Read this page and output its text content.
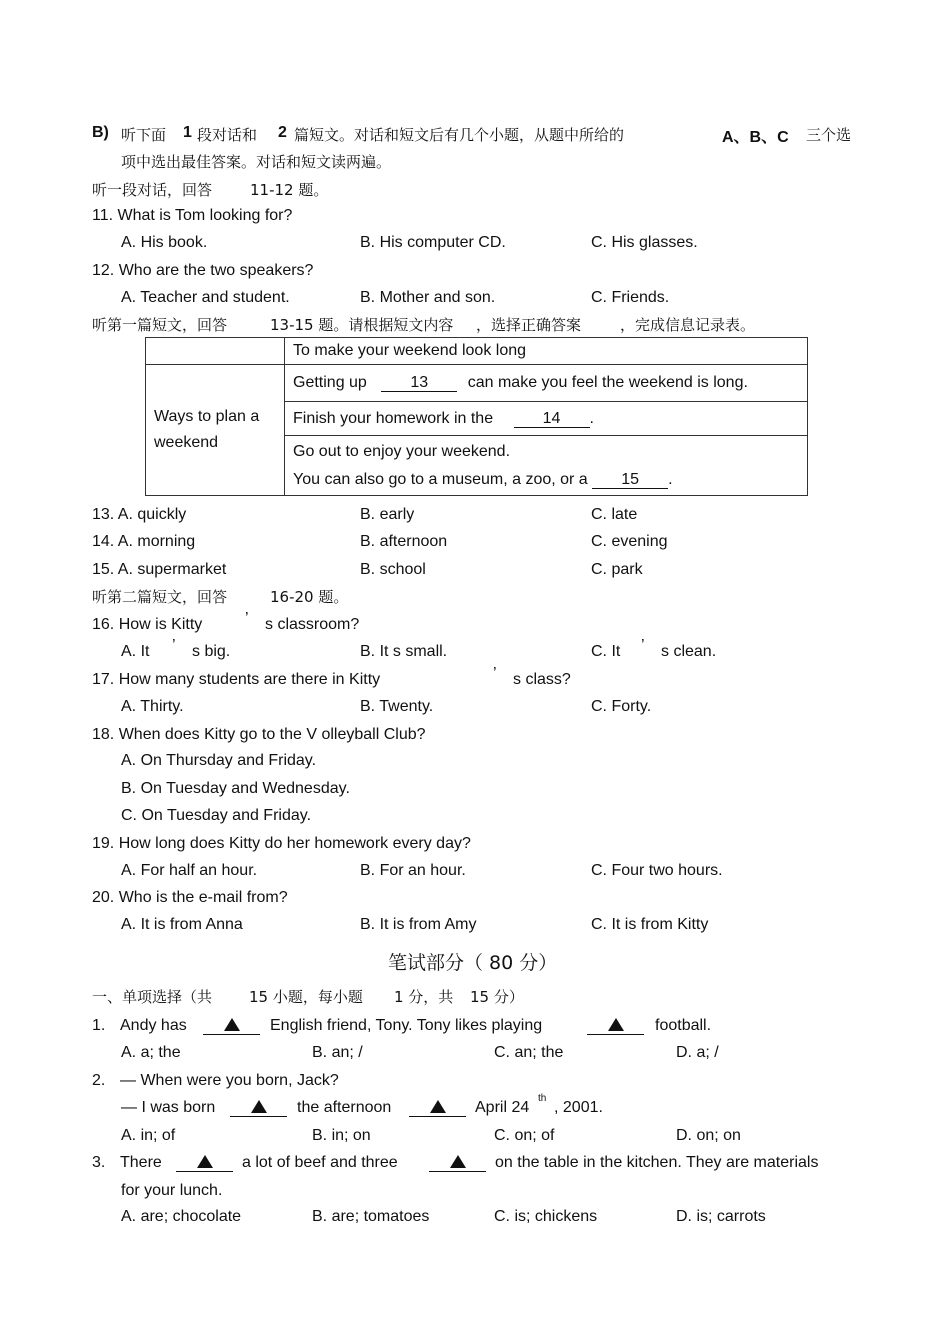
B) 听下面 1 段对话和 2 篇短文。对话和短文后有几个小题，从题中所给的	A、B、C 三个选
项中选出最佳答案。对话和短文读两遍。
听一段对话，回答	11-12 题。
11. What is Tom looking for?
A. His book.	B. His computer CD.	C. His glasses.
12. Who are the two speakers?
A. Teacher and student.	B. Mother and son.	C. Friends.
听第一篇短文，回答	13-15 题。请根据短文内容 ，选择正确答案	，完成信息记录表。
	To make your weekend look long
Ways to plan a weekend	Getting up 13 can make you feel the weekend is long.
	Finish your homework in the 14 .

	Go out to enjoy your weekend.
You can also go to a museum, a zoo, or a 15 .
13. A. quickly	B. early	C. late
14. A. morning	B. afternoon	C. evening
15. A. supermarket	B. school	C. park
听第二篇短文，回答	16-20 题。
16. How is Kitty	’ s classroom?
A. It ’ s big.	B. It s small.	C. It ’ s clean.
17. How many students are there in Kitty	’ s class?
A. Thirty.	B. Twenty.	C. Forty.
18. When does Kitty go to the V olleyball Club?
A. On Thursday and Friday.
B. On Tuesday and Wednesday.
C. On Tuesday and Friday.
19. How long does Kitty do her homework every day?
A. For half an hour.	B. For an hour.	C. Four two hours.
20. Who is the e-mail from?
A. It is from Anna	B. It is from Amy	C. It is from Kitty
笔试部分（ 80 分）
一、单项选择（共 15 小题，每小题 1 分，共 15 分）
1. Andy has	English friend, Tony. Tony likes playing	football.
A. a; the	B. an; /	C. an; the	D. a; /
2. — When were you born, Jack?
— I was born	the afternoon	April 24
th
, 2001.
A. in; of	B. in; on	C. on; of	D. on; on
3. There	a lot of beef and three	on the table in the kitchen. They are materials
for your lunch.
A. are; chocolate	B. are; tomatoes	C. is; chickens	D. is; carrots
